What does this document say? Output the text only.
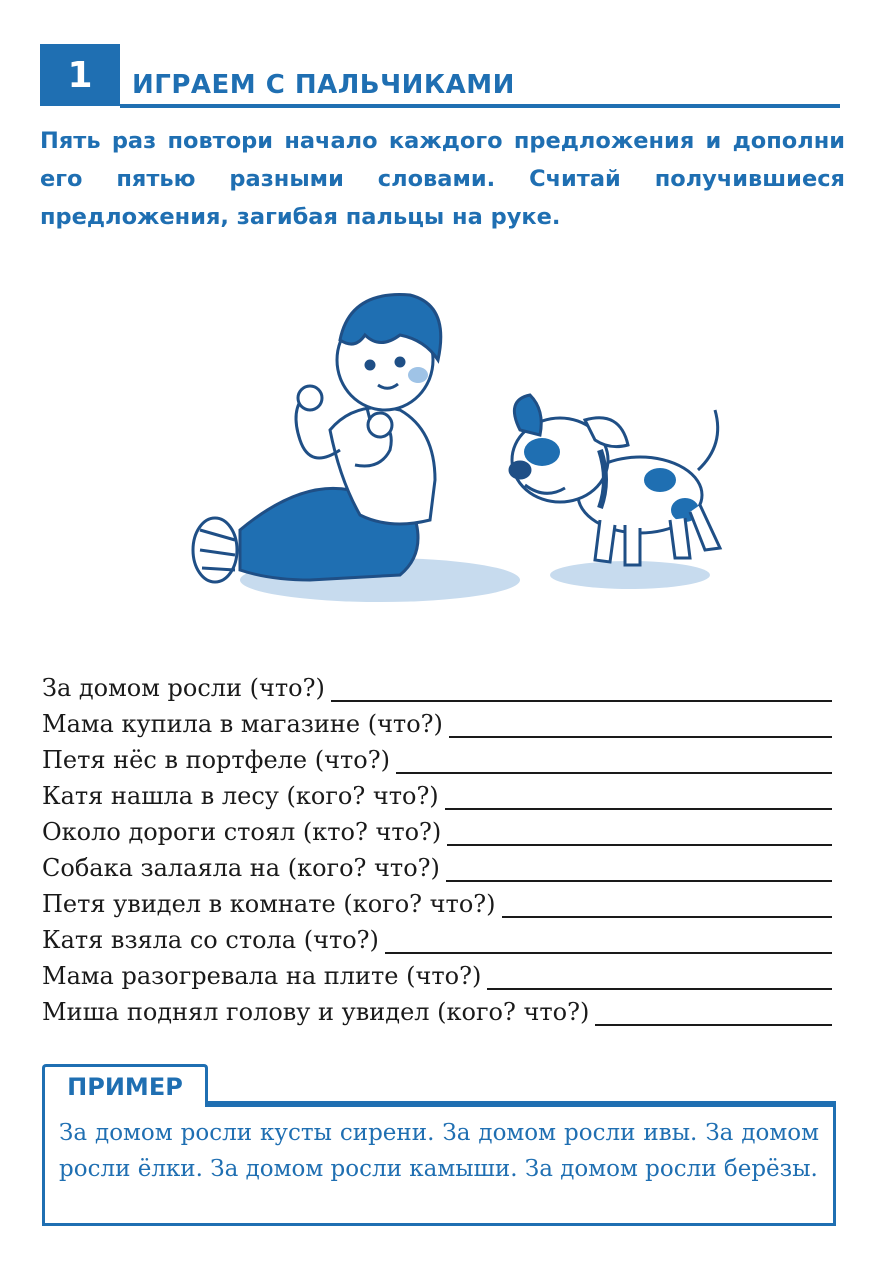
1	ИГРАЕМ С ПАЛЬЧИКАМИ
Пять раз повтори начало каждого предложения и дополни его пятью разными словами. Считай получившиеся предложения, загибая пальцы на руке.
За домом росли (что?)
Мама купила в магазине (что?)
Петя нёс в портфеле (что?)
Катя нашла в лесу (кого? что?)
Около дороги стоял (кто? что?)
Собака залаяла на (кого? что?)
Петя увидел в комнате (кого? что?)
Катя взяла со стола (что?)
Мама разогревала на плите (что?)
Миша поднял голову и увидел (кого? что?)
ПРИМЕР
За домом росли кусты сирени. За домом росли ивы. За домом росли ёлки. За домом росли камыши. За домом росли берёзы.
